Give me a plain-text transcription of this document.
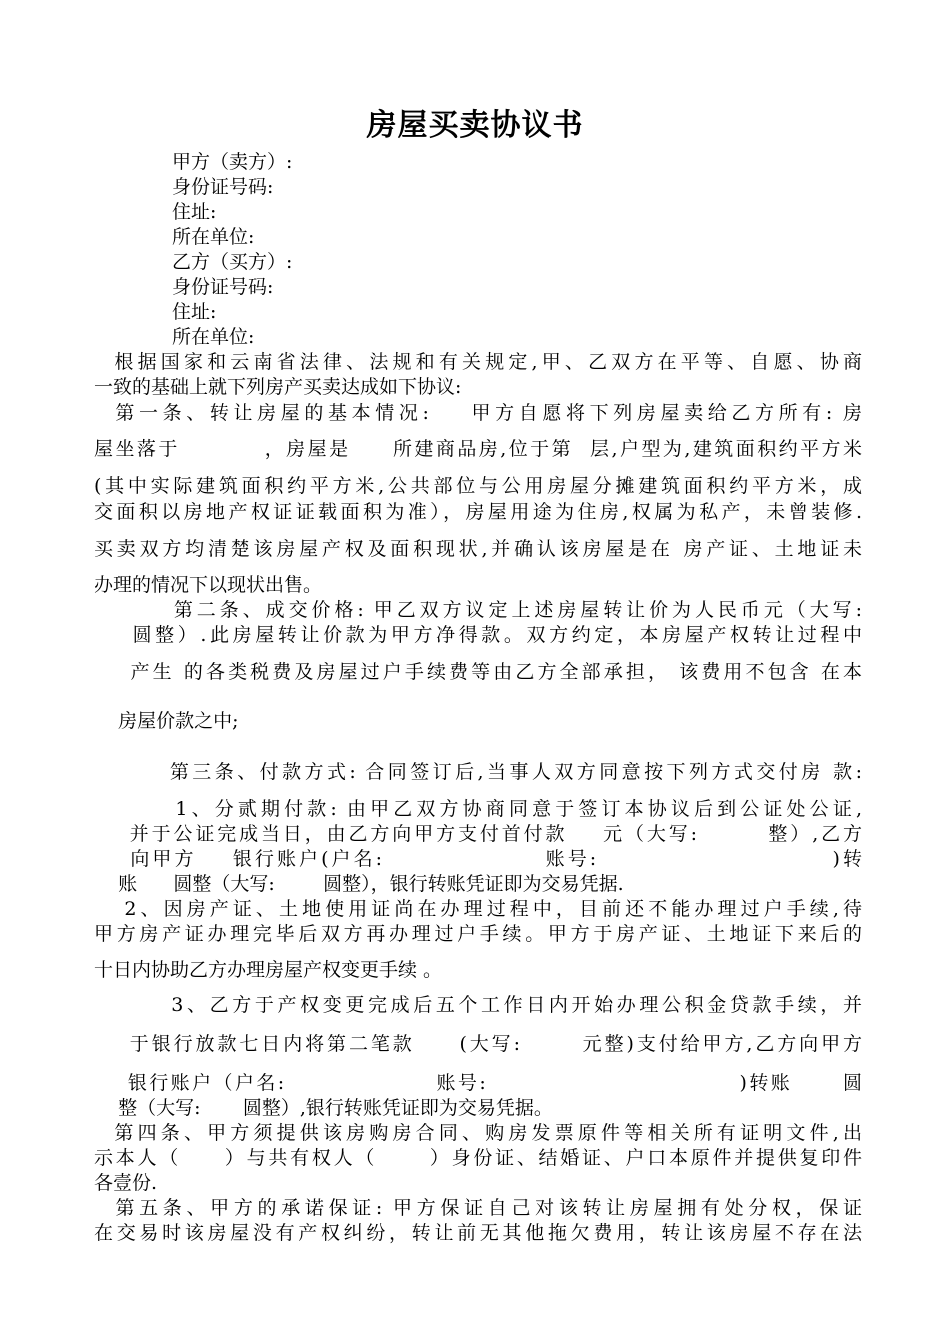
房屋买卖协议书
甲方（卖方）:
身份证号码:
住址:
所在单位:
乙方（买方）:
身份证号码:
住址:
所在单位:
根据国家和云南省法律、法规和有关规定,甲、乙双方在平等、自愿、协商
一致的基础上就下列房产买卖达成如下协议:
第一条、转让房屋的基本情况:    甲方自愿将下列房屋卖给乙方所有: 房
屋坐落于          ，房屋是     所建商品房,位于第  层,户型为,建筑面积约平方米
(其中实际建筑面积约平方米,公共部位与公用房屋分摊建筑面积约平方米，成
交面积以房地产权证证载面积为准），房屋用途为住房,权属为私产，未曾装修.
买卖双方均清楚该房屋产权及面积现状,并确认该房屋是在 房产证、土地证未
办理的情况下以现状出售。
第二条、成交价格: 甲乙双方议定上述房屋转让价为人民币元（大写:
圆整）.此房屋转让价款为甲方净得款。双方约定，本房屋产权转让过程中
产生 的各类税费及房屋过户手续费等由乙方全部承担， 该费用不包含 在本
房屋价款之中;
第三条、付款方式: 合同签订后,当事人双方同意按下列方式交付房 款:
1、分贰期付款: 由甲乙双方协商同意于签订本协议后到公证处公证,
并于公证完成当日，由乙方向甲方支付首付款    元（大写:        整）,乙方
向甲方    银行账户(户名:                  账号:                          )转
账      圆整（大写:        圆整），银行转账凭证即为交易凭据.
2、因房产证、土地使用证尚在办理过程中，目前还不能办理过户手续,待
甲方房产证办理完毕后双方再办理过户手续。甲方于房产证、土地证下来后的
十日内协助乙方办理房屋产权变更手续 。
3、乙方于产权变更完成后五个工作日内开始办理公积金贷款手续，并
于银行放款七日内将第二笔款     (大写:       元整)支付给甲方,乙方向甲方
银行账户（户名:                  账号:                              )转账      圆
整（大写:       圆整）,银行转账凭证即为交易凭据。
第四条、甲方须提供该房购房合同、购房发票原件等相关所有证明文件,出
示本人（     ）与共有权人（      ）身份证、结婚证、户口本原件并提供复印件
各壹份.
第五条、甲方的承诺保证: 甲方保证自己对该转让房屋拥有处分权，保证
在交易时该房屋没有产权纠纷，转让前无其他拖欠费用，转让该房屋不存在法
